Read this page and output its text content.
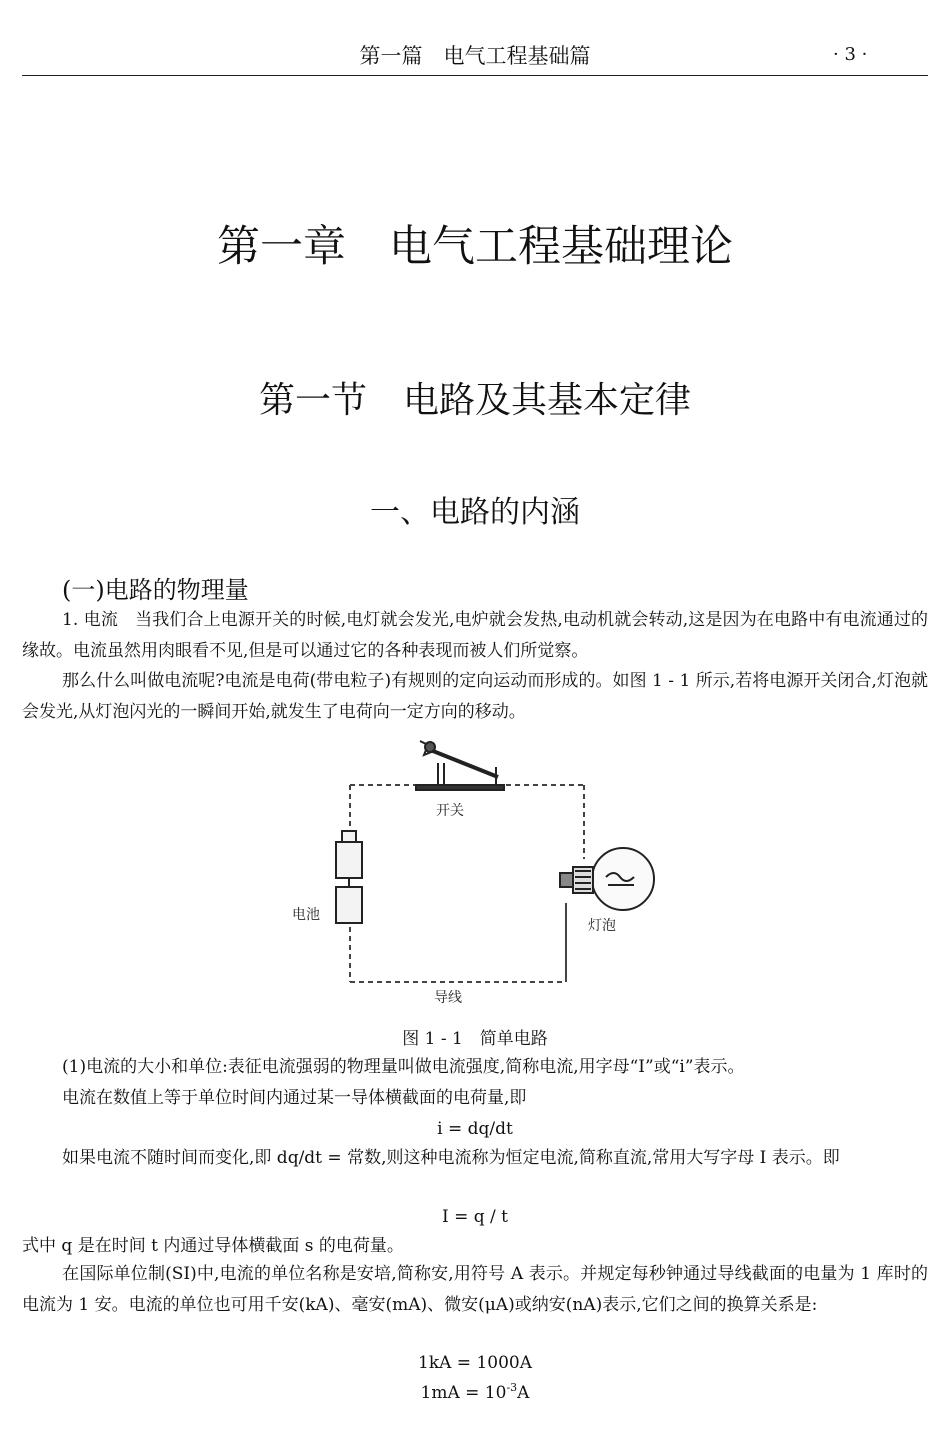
第一篇　电气工程基础篇	· 3 ·
第一章　电气工程基础理论
第一节　电路及其基本定律
一、电路的内涵
(一)电路的物理量
1. 电流　当我们合上电源开关的时候,电灯就会发光,电炉就会发热,电动机就会转动,这是因为在电路中有电流通过的缘故。电流虽然用肉眼看不见,但是可以通过它的各种表现而被人们所觉察。
那么什么叫做电流呢?电流是电荷(带电粒子)有规则的定向运动而形成的。如图 1 - 1 所示,若将电源开关闭合,灯泡就会发光,从灯泡闪光的一瞬间开始,就发生了电荷向一定方向的移动。
开关
电池
灯泡
导线
图 1 - 1　简单电路
(1)电流的大小和单位:表征电流强弱的物理量叫做电流强度,简称电流,用字母“I”或“i”表示。
电流在数值上等于单位时间内通过某一导体横截面的电荷量,即
i = dq/dt
如果电流不随时间而变化,即 dq/dt = 常数,则这种电流称为恒定电流,简称直流,常用大写字母 I 表示。即
I = q / t
式中 q 是在时间 t 内通过导体横截面 s 的电荷量。
在国际单位制(SI)中,电流的单位名称是安培,简称安,用符号 A 表示。并规定每秒钟通过导线截面的电量为 1 库时的电流为 1 安。电流的单位也可用千安(kA)、毫安(mA)、微安(μA)或纳安(nA)表示,它们之间的换算关系是:
1kA = 1000A
$1mA = 10^{-3}A$
